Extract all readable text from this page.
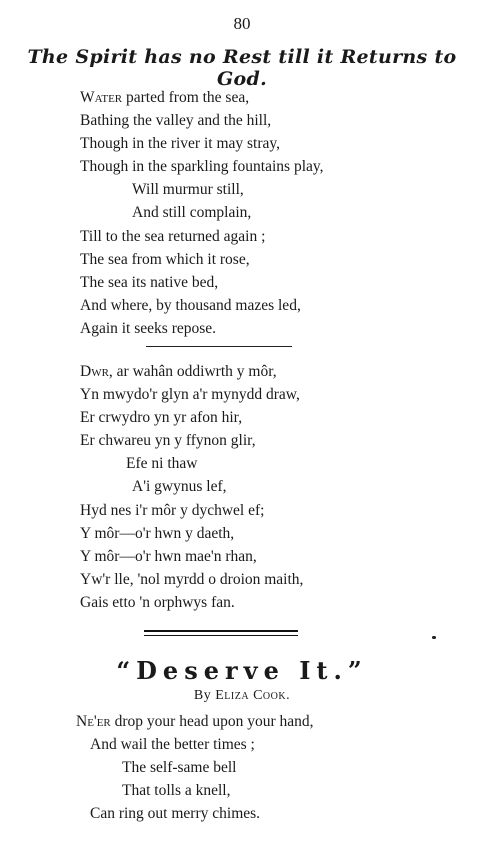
80
The Spirit has no Rest till it Returns to God.
Water parted from the sea,
Bathing the valley and the hill,
Though in the river it may stray,
Though in the sparkling fountains play,
Will murmur still,
And still complain,
Till to the sea returned again ;
The sea from which it rose,
The sea its native bed,
And where, by thousand mazes led,
Again it seeks repose.
Dwr, ar wahân oddiwrth y môr,
Yn mwydo'r glyn a'r mynydd draw,
Er crwydro yn yr afon hir,
Er chwareu yn y ffynon glir,
Efe ni thaw
A'i gwynus lef,
Hyd nes i'r môr y dychwel ef;
Y môr—o'r hwn y daeth,
Y môr—o'r hwn mae'n rhan,
Yw'r lle, 'nol myrdd o droion maith,
Gais etto 'n orphwys fan.
“Deserve It.”
By Eliza Cook.
Ne'er drop your head upon your hand,
And wail the better times ;
The self-same bell
That tolls a knell,
Can ring out merry chimes.
